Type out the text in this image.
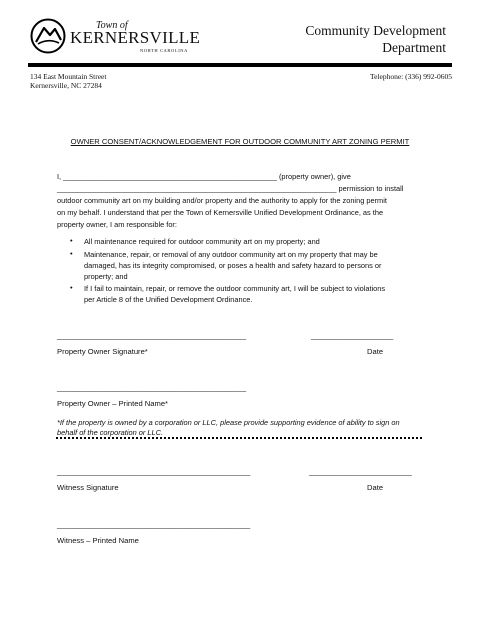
Town of
KERNERSVILLE
NORTH CAROLINA
Community Development
Department
134 East Mountain Street
Kernersville, NC 27284
Telephone: (336) 992-0605
OWNER CONSENT/ACKNOWLEDGEMENT FOR OUTDOOR COMMUNITY ART ZONING PERMIT
I, ____________________________________________________ (property owner), give
____________________________________________________________________ permission to install
outdoor community art on my building and/or property and the authority to apply for the zoning permit
on my behalf. I understand that per the Town of Kernersville Unified Development Ordinance, as the
property owner, I am responsible for:
• All maintenance required for outdoor community art on my property; and
• Maintenance, repair, or removal of any outdoor community art on my property that may be
damaged, has its integrity compromised, or poses a health and safety hazard to persons or
property; and
• If I fail to maintain, repair, or remove the outdoor community art, I will be subject to violations
per Article 8 of the Unified Development Ordinance.
______________________________________________	____________________
Property Owner Signature*	Date
______________________________________________
Property Owner – Printed Name*
*If the property is owned by a corporation or LLC, please provide supporting evidence of ability to sign on
behalf of the corporation or LLC.
_______________________________________________	_________________________
Witness Signature	Date
_______________________________________________
Witness – Printed Name
